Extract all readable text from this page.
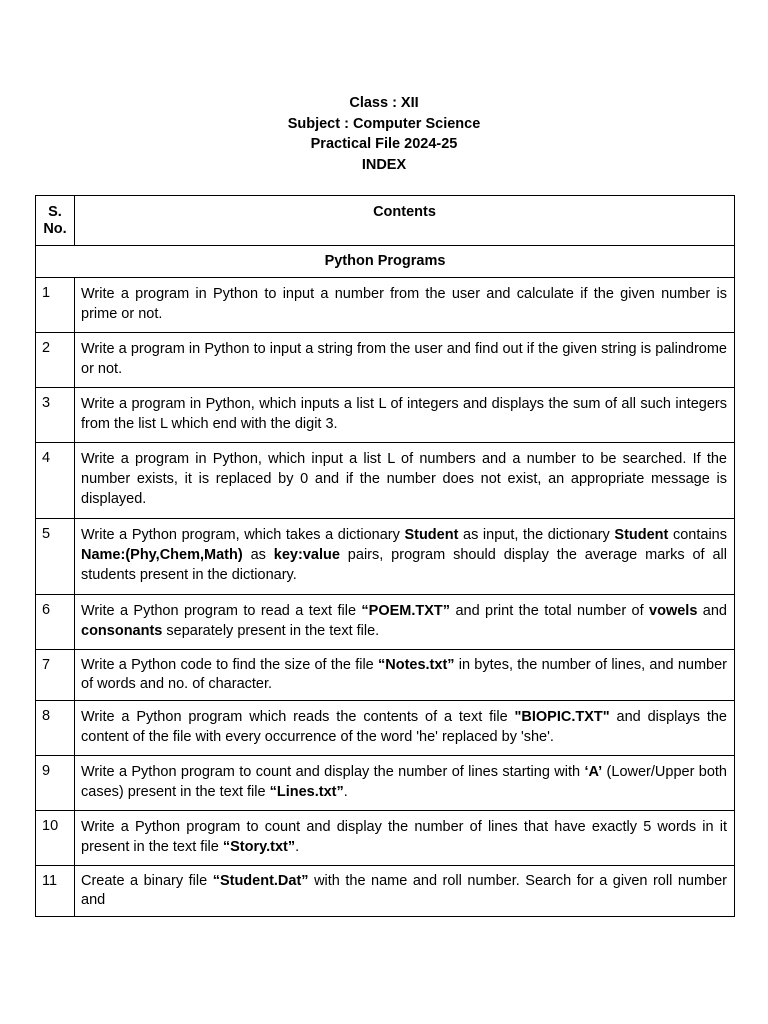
Class : XII
Subject : Computer Science
Practical File 2024-25
INDEX
S. No.	Contents
Python Programs	
1	Write a program in Python to input a number from the user and calculate if the given number is prime or not.
2	Write a program in Python to input a string from the user and find out if the given string is palindrome or not.
3	Write a program in Python, which inputs a list L of integers and displays the sum of all such integers from the list L which end with the digit 3.
4	Write a program in Python, which input a list L of numbers and a number to be searched. If the number exists, it is replaced by 0 and if the number does not exist, an appropriate message is displayed.
5	Write a Python program, which takes a dictionary Student as input, the dictionary Student contains Name:(Phy,Chem,Math) as key:value pairs, program should display the average marks of all students present in the dictionary.
6	Write a Python program to read a text file “POEM.TXT” and print the total number of vowels and consonants separately present in the text file.
7	Write a Python code to find the size of the file “Notes.txt” in bytes, the number of lines, and number of words and no. of character.
8	Write a Python program which reads the contents of a text file "BIOPIC.TXT" and displays the content of the file with every occurrence of the word 'he' replaced by 'she'.
9	Write a Python program to count and display the number of lines starting with ‘A’ (Lower/Upper both cases) present in the text file “Lines.txt”.
10	Write a Python program to count and display the number of lines that have exactly 5 words in it present in the text file “Story.txt”.
11	Create a binary file “Student.Dat” with the name and roll number. Search for a given roll number and
